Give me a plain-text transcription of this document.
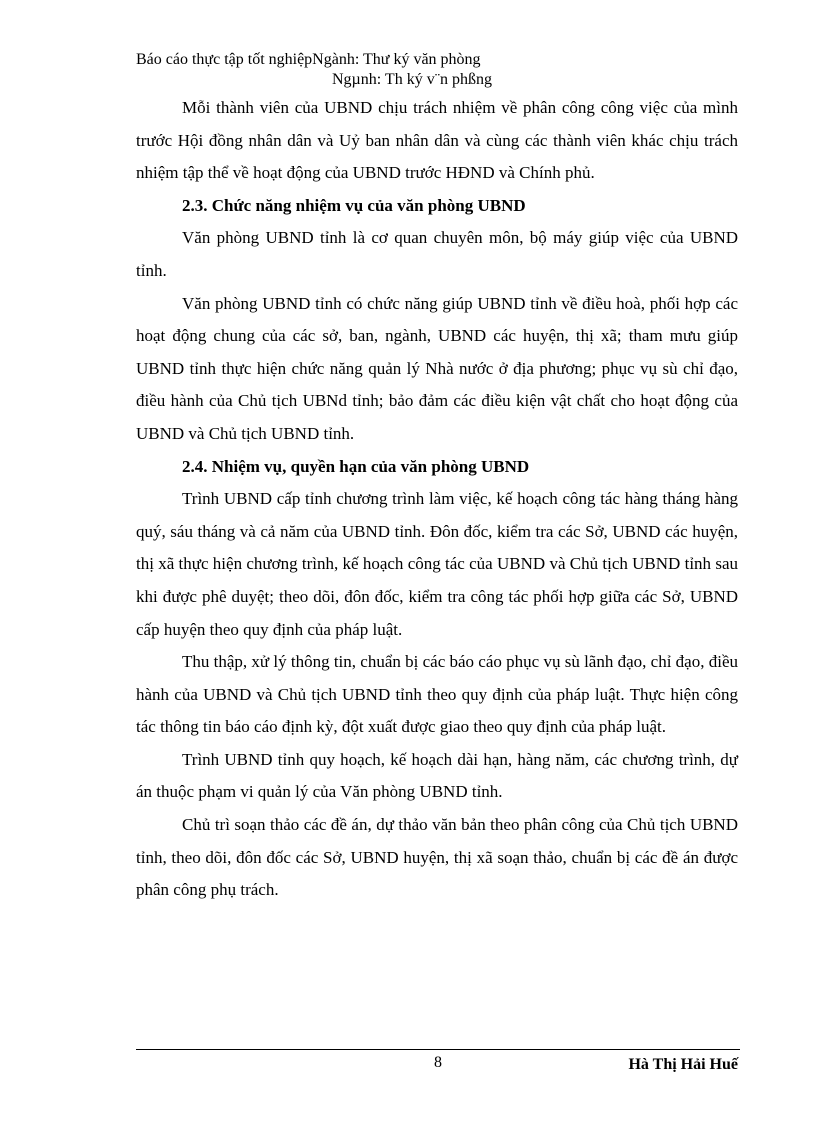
Báo cáo thực tập tốt nghiệpNgành: Thư ký văn phòng
Ngµnh: Th ký v¨n phßng

Mỗi thành viên của UBND chịu trách nhiệm về phân công công việc của mình trước Hội đồng nhân dân và Uỷ ban nhân dân và cùng các thành viên khác chịu trách nhiệm tập thể về hoạt động của UBND trước HĐND và Chính phủ.

2.3. Chức năng nhiệm vụ của văn phòng UBND

Văn phòng UBND tỉnh là cơ quan chuyên môn, bộ máy giúp việc của UBND tỉnh.

Văn phòng UBND tỉnh có chức năng giúp UBND tỉnh về điều hoà, phối hợp các hoạt động chung của các sở, ban, ngành, UBND các huyện, thị xã; tham mưu giúp UBND tỉnh thực hiện chức năng quản lý Nhà nước ở địa phương; phục vụ sù chỉ đạo, điều hành của Chủ tịch UBNd tỉnh; bảo đảm các điều kiện vật chất cho hoạt động của UBND và Chủ tịch UBND tỉnh.

2.4. Nhiệm vụ, quyền hạn của văn phòng UBND

Trình UBND cấp tỉnh chương trình làm việc, kế hoạch công tác hàng tháng hàng quý, sáu tháng và cả năm của UBND tỉnh. Đôn đốc, kiểm tra các Sở, UBND các huyện, thị xã thực hiện chương trình, kế hoạch công tác của UBND và Chủ tịch UBND tỉnh sau khi được phê duyệt; theo dõi, đôn đốc, kiểm tra công tác phối hợp giữa các Sở, UBND cấp huyện theo quy định của pháp luật.

Thu thập, xử lý thông tin, chuẩn bị các báo cáo phục vụ sù lãnh đạo, chỉ đạo, điều hành của UBND và Chủ tịch UBND tỉnh theo quy định của pháp luật. Thực hiện công tác thông tin báo cáo định kỳ, đột xuất được giao theo quy định của pháp luật.

Trình UBND tỉnh quy hoạch, kế hoạch dài hạn, hàng năm, các chương trình, dự án thuộc phạm vi quản lý của Văn phòng UBND tỉnh.

Chủ trì soạn thảo các đề án, dự thảo văn bản theo phân công của Chủ tịch UBND tỉnh, theo dõi, đôn đốc các Sở, UBND huyện, thị xã soạn thảo, chuẩn bị các đề án được phân công phụ trách.

8	Hà Thị Hải Huế
